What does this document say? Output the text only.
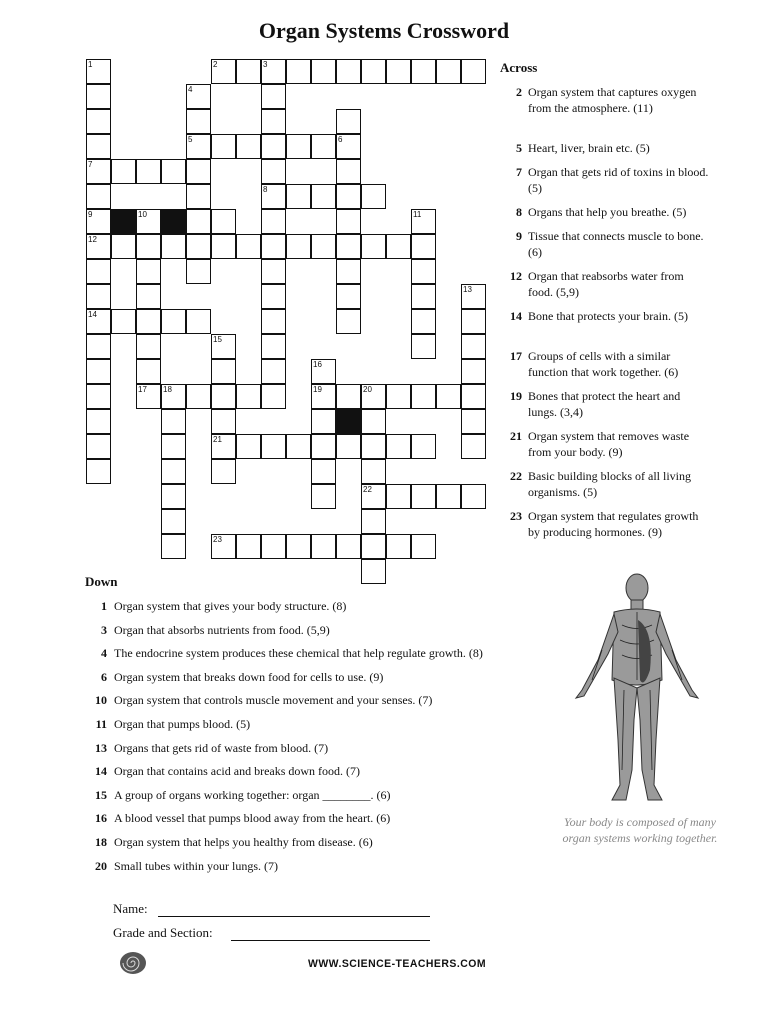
Organ Systems Crossword
1	2	3
4
5	6
7
8
9	10	11
12
13
14
15
16
17 18	19	20
21
22
23
Across
2 Organ system that captures oxygen from the atmosphere. (11)
5 Heart, liver, brain etc. (5)
7 Organ that gets rid of toxins in blood. (5)
8 Organs that help you breathe. (5)
9 Tissue that connects muscle to bone. (6)
12 Organ that reabsorbs water from food. (5,9)
14 Bone that protects your brain. (5)
17 Groups of cells with a similar function that work together. (6)
19 Bones that protect the heart and lungs. (3,4)
21 Organ system that removes waste from your body. (9)
22 Basic building blocks of all living organisms. (5)
23 Organ system that regulates growth by producing hormones. (9)
Down
1 Organ system that gives your body structure. (8)
3 Organ that absorbs nutrients from food. (5,9)
4 The endocrine system produces these chemical that help regulate growth. (8)
6 Organ system that breaks down food for cells to use. (9)
10 Organ system that controls muscle movement and your senses. (7)
11 Organ that pumps blood. (5)
13 Organs that gets rid of waste from blood. (7)
14 Organ that contains acid and breaks down food. (7)
15 A group of organs working together: organ ________. (6)
16 A blood vessel that pumps blood away from the heart. (6)
18 Organ system that helps you healthy from disease. (6)
20 Small tubes within your lungs. (7)
Your body is composed of many organ systems working together.
Name:
Grade and Section:
WWW.SCIENCE-TEACHERS.COM
